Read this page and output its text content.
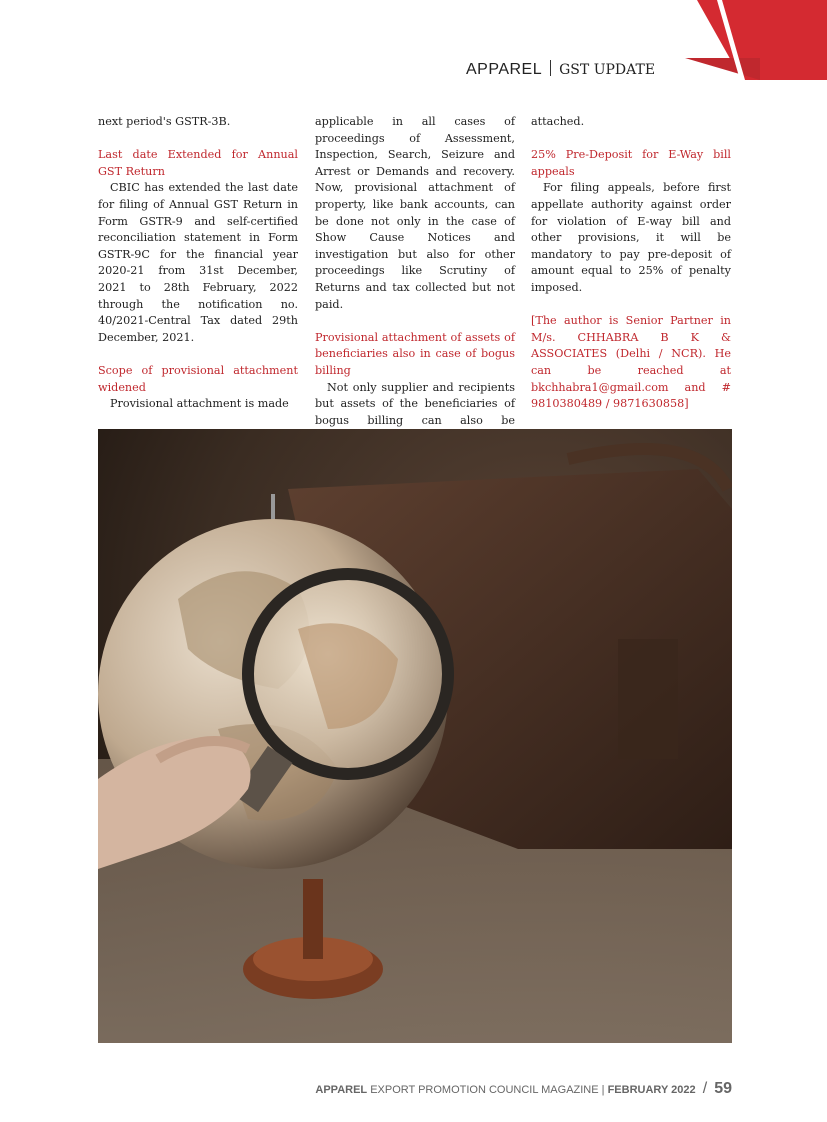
APPAREL GST UPDATE

next period's GSTR-3B.

Last date Extended for Annual GST Return

CBIC has extended the last date for filing of Annual GST Return in Form GSTR-9 and self-certified reconciliation statement in Form GSTR-9C for the financial year 2020-21 from 31st December, 2021 to 28th February, 2022 through the notification no. 40/2021-Central Tax dated 29th December, 2021.

Scope of provisional attachment widened

Provisional attachment is made

applicable in all cases of proceedings of Assessment, Inspection, Search, Seizure and Arrest or Demands and recovery. Now, provisional attachment of property, like bank accounts, can be done not only in the case of Show Cause Notices and investigation but also for other proceedings like Scrutiny of Returns and tax collected but not paid.

Provisional attachment of assets of beneficiaries also in case of bogus billing

Not only supplier and recipients but assets of the beneficiaries of bogus billing can also be

attached.

25% Pre-Deposit for E-Way bill appeals

For filing appeals, before first appellate authority against order for violation of E-way bill and other provisions, it will be mandatory to pay pre-deposit of amount equal to 25% of penalty imposed.

[The author is Senior Partner in M/s. CHHABRA B K & ASSOCIATES (Delhi / NCR). He can be reached at bkchhabra1@gmail.com and # 9810380489 / 9871630858]

APPAREL EXPORT PROMOTION COUNCIL MAGAZINE | FEBRUARY 2022 / 59
